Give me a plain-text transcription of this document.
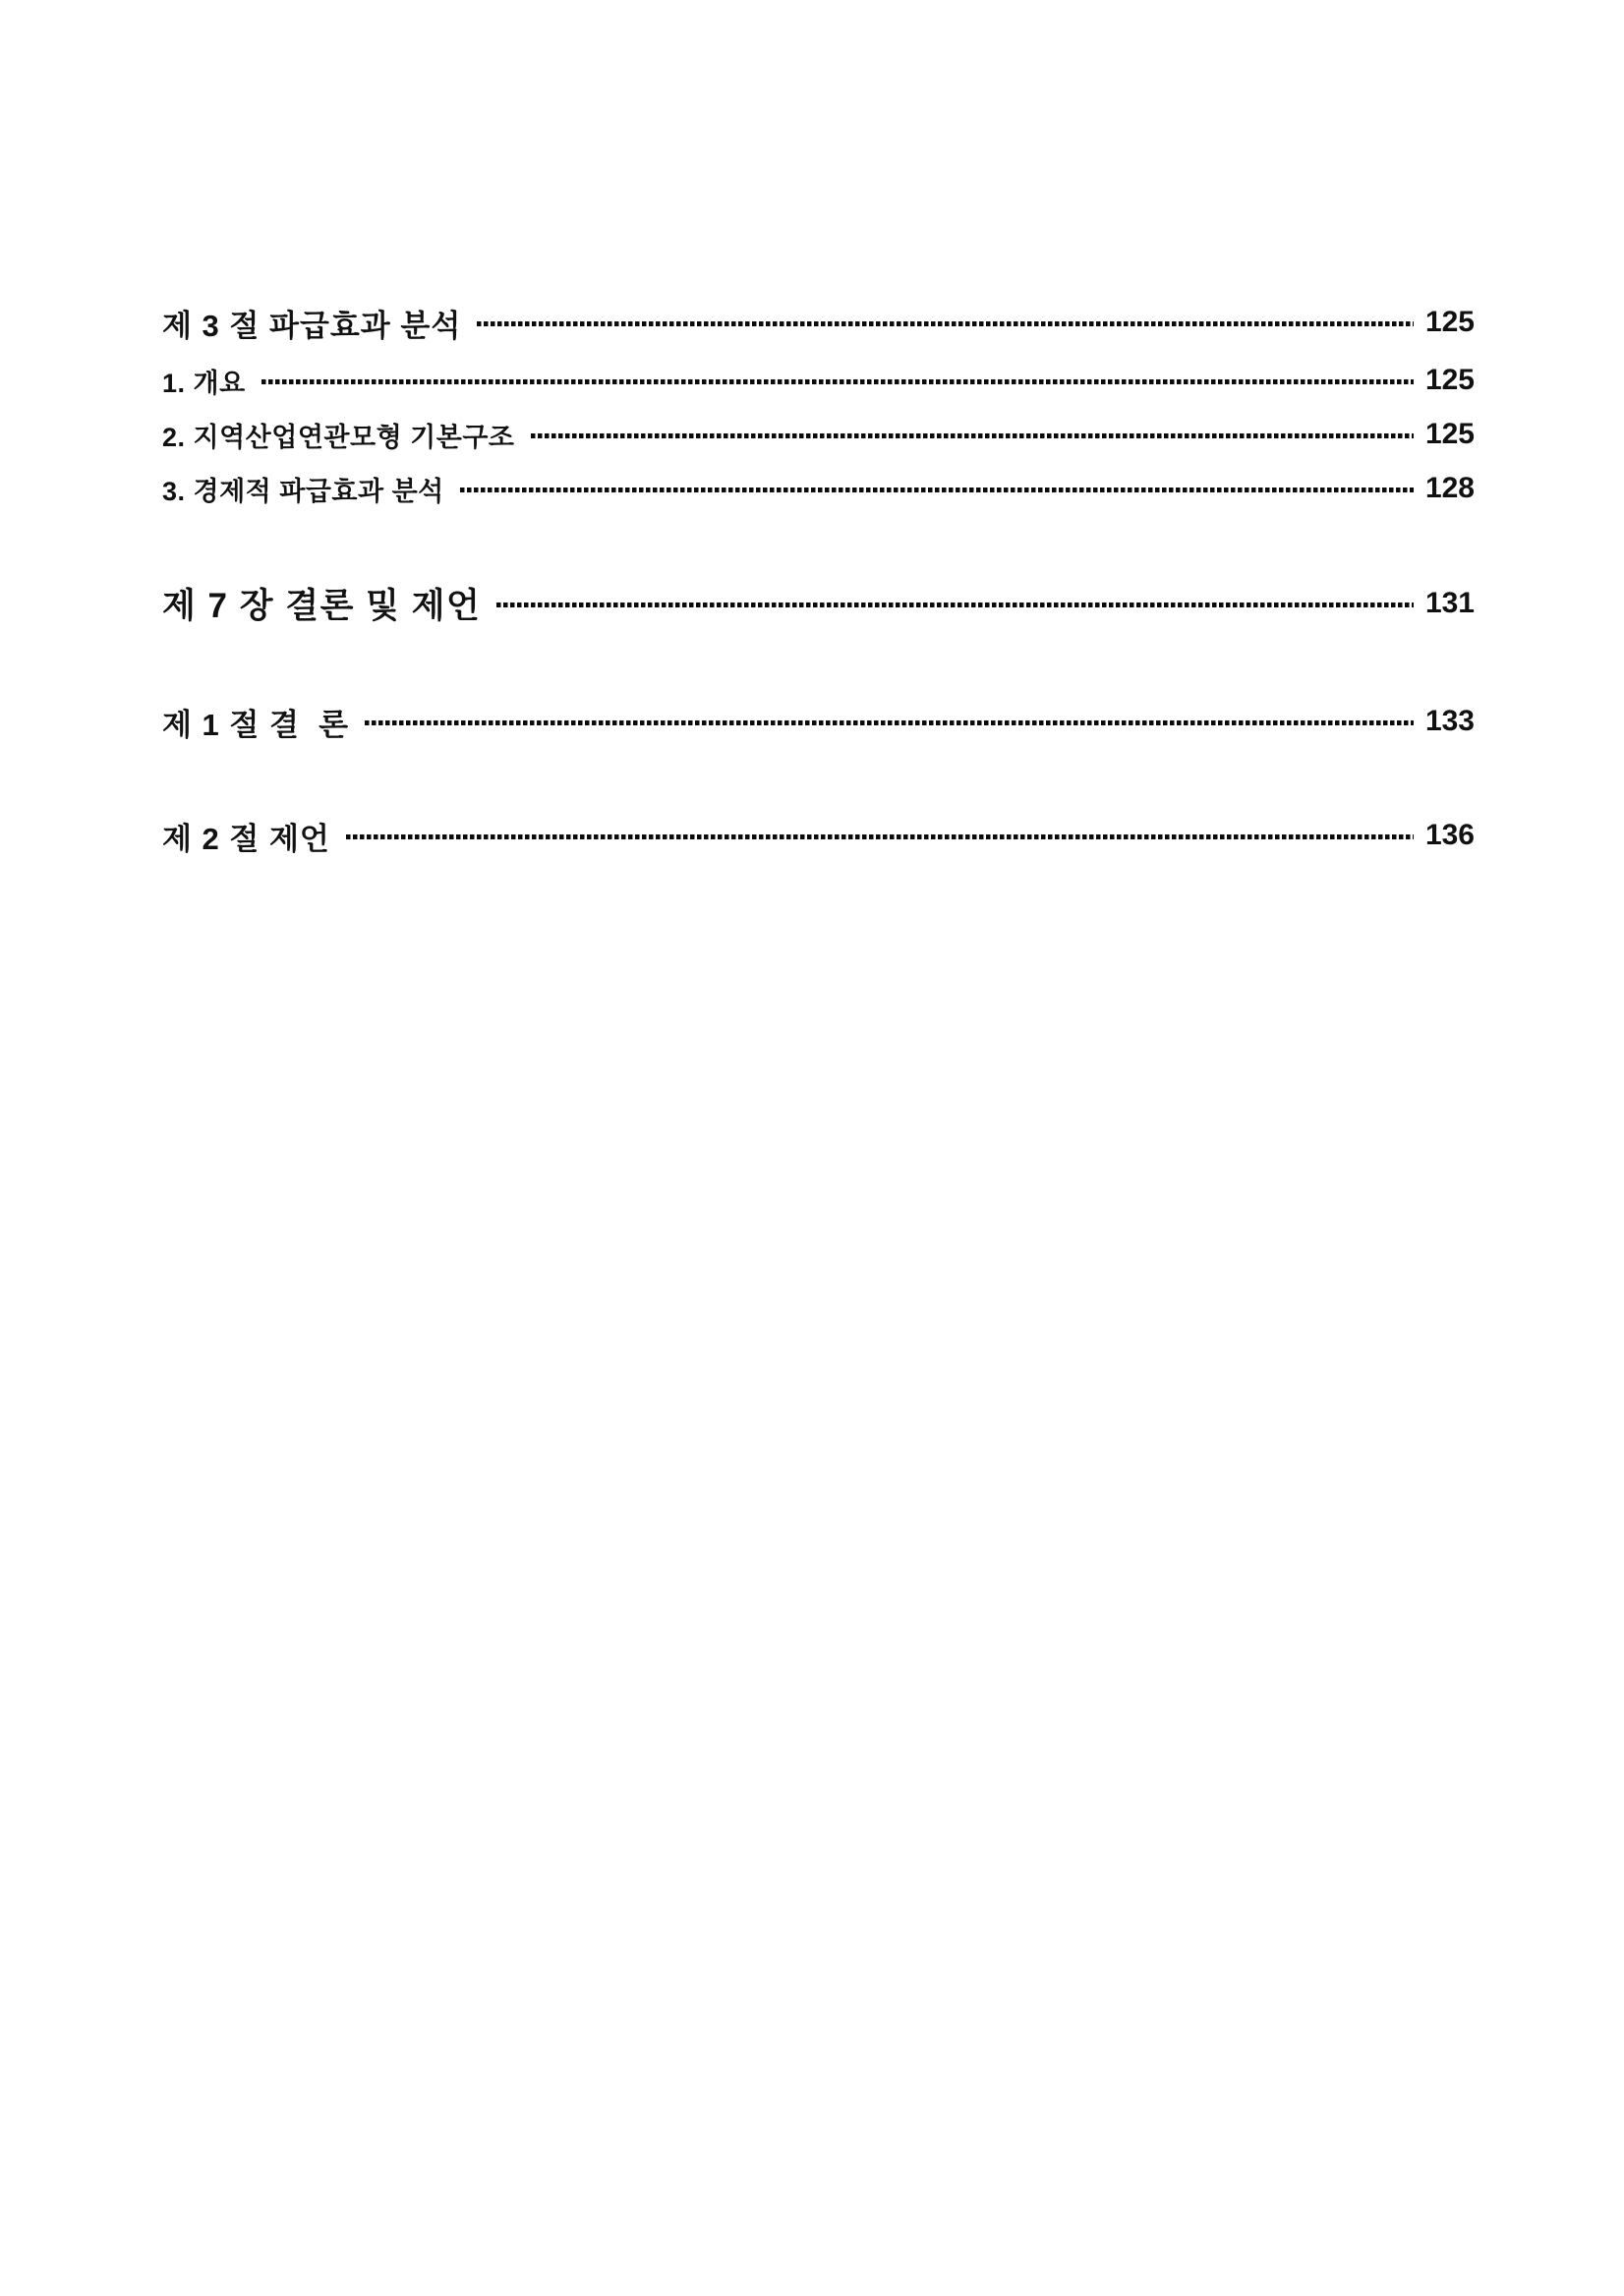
제 3 절 파급효과 분석	125
1. 개요	125
2. 지역산업연관모형 기본구조	125
3. 경제적 파급효과 분석	128
제 7 장 결론 및 제언	131
제 1 절 결  론	133
제 2 절 제언	136
